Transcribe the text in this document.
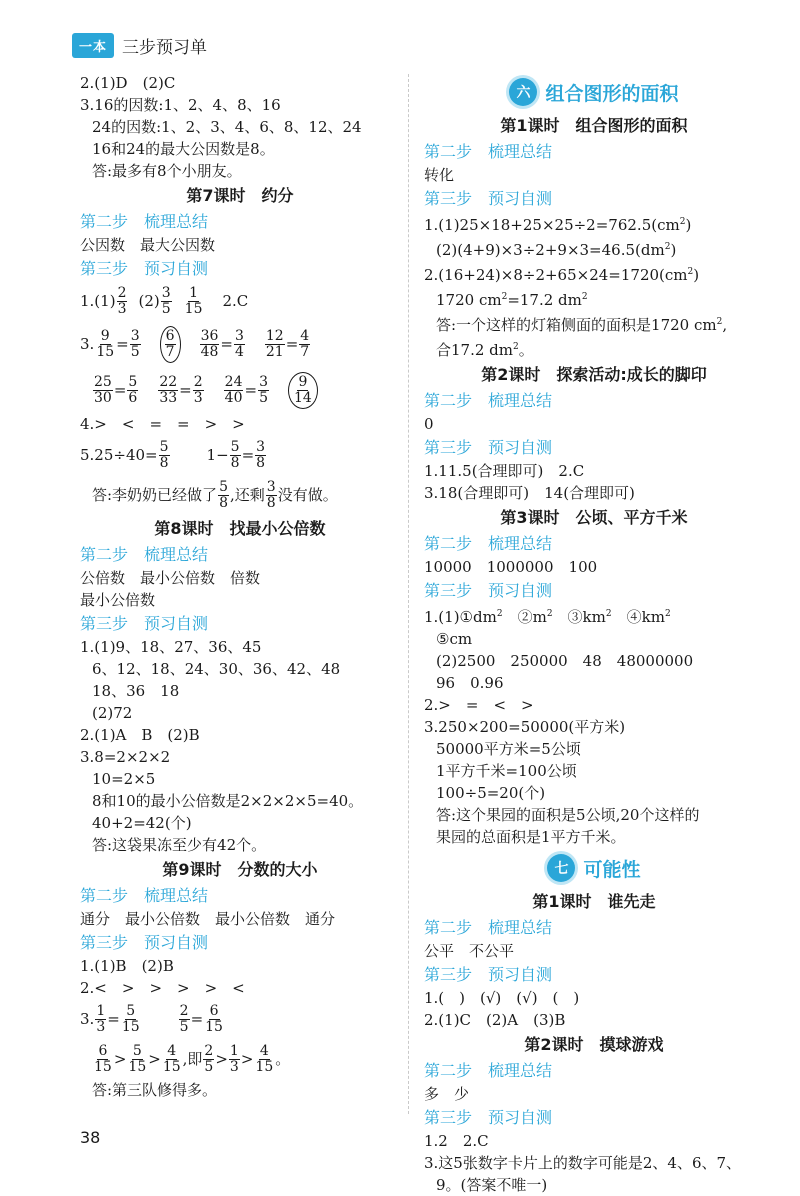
一本 三步预习单
2.(1)D　(2)C
3.16的因数:1、2、4、8、16
24的因数:1、2、3、4、6、8、12、24
16和24的最大公因数是8。
答:最多有8个小朋友。
第7课时　约分
第二步　梳理总结
公因数　最大公因数
第三步　预习自测
$1.(1) \frac{2}{3} (2) \frac{3}{5} \frac{1}{15} 2.C$
3. $\frac{9}{15} = \frac{3}{5} \frac{6}{7} \frac{36}{48} = \frac{3}{4} \frac{12}{21} = \frac{4}{7}$
$\frac{25}{30} = \frac{5}{6} \frac{22}{33} = \frac{2}{3} \frac{24}{40} = \frac{3}{5} \frac{9}{14}$
4.>　<　=　=　>　>
$5.25\div 40= \frac{5}{8} 1- \frac{5}{8} = \frac{3}{8}$
答:李奶奶已经做了 $\frac{5}{8}$ ,还剩 $\frac{3}{8}$ 没有做。
第8课时　找最小公倍数
第二步　梳理总结
公倍数　最小公倍数　倍数
最小公倍数
第三步　预习自测
1.(1)9、18、27、36、45
6、12、18、24、30、36、42、48
18、36　18
(2)72
2.(1)A　B　(2)B
3.8=2×2×2
10=2×5
8和10的最小公倍数是2×2×2×5=40。
40+2=42(个)
答:这袋果冻至少有42个。
第9课时　分数的大小
第二步　梳理总结
通分　最小公倍数　最小公倍数　通分
第三步　预习自测
1.(1)B　(2)B
2.<　>　>　>　>　<
3. $\frac{1}{3} = \frac{5}{15}$	$\frac{2}{5} = \frac{6}{15}$
$\frac{6}{15} > \frac{5}{15} > \frac{4}{15}$ ,即 $\frac{2}{5} > \frac{1}{3} > \frac{4}{15}$ 。
答:第三队修得多。
六 组合图形的面积
第1课时　组合图形的面积
第二步　梳理总结
转化
第三步　预习自测
$1.(1)25\times 18+25\times 25\div 2=762.5(cm^2)$
$(2)(4+9)\times 3\div 2+9\times 3=46.5(dm^2)$
$2.(16+24)\times 8\div 2+65\times 24=1720(cm^2)$
1720 $cm^2=17.2$ $dm^2$
答:一个这样的灯箱侧面的面积是1720 $cm^2$,
合17.2 $dm^2$。
第2课时　探索活动:成长的脚印
第二步　梳理总结
0
第三步　预习自测
1.11.5(合理即可)　2.C
3.18(合理即可)　14(合理即可)
第3课时　公顷、平方千米
第二步　梳理总结
10000　1000000　100
第三步　预习自测
$1.(1)①dm^2$　$②m^2$　$③km^2$　$④km^2$
⑤cm
(2)2500　250000　48　48000000
96　0.96
2.>　=　<　>
3.250×200=50000(平方米)
50000平方米=5公顷
1平方千米=100公顷
100÷5=20(个)
答:这个果园的面积是5公顷,20个这样的
果园的总面积是1平方千米。
七 可能性
第1课时　谁先走
第二步　梳理总结
公平　不公平
第三步　预习自测
1.(　)　(√)　(√)　(　)
2.(1)C　(2)A　(3)B
第2课时　摸球游戏
第二步　梳理总结
多　少
第三步　预习自测
1.2　2.C
3.这5张数字卡片上的数字可能是2、4、6、7、
9。(答案不唯一)
38
